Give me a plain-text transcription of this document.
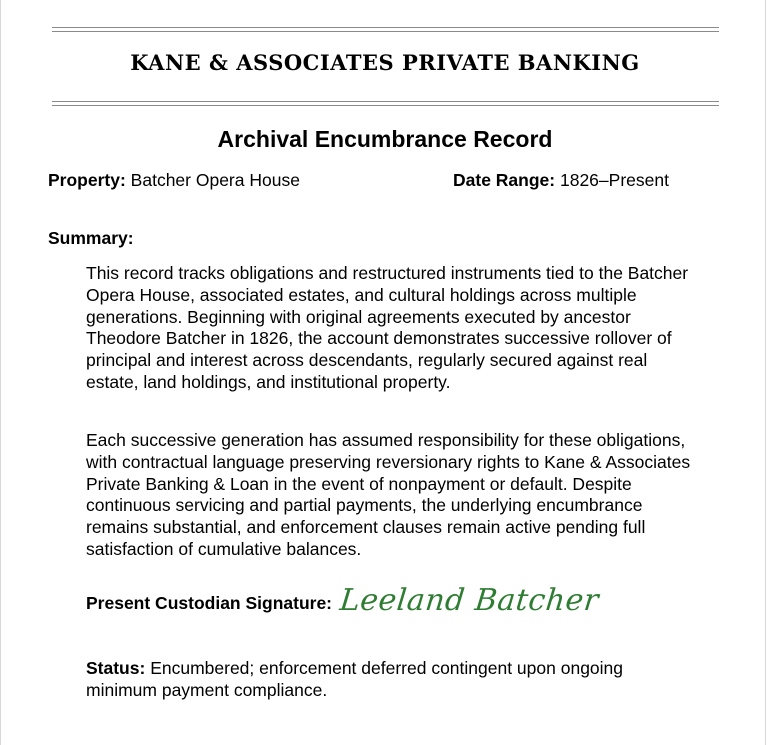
KANE & ASSOCIATES PRIVATE BANKING
Archival Encumbrance Record
Property: Batcher Opera House	Date Range: 1826–Present
Summary:

This record tracks obligations and restructured instruments tied to the Batcher Opera House, associated estates, and cultural holdings across multiple generations. Beginning with original agreements executed by ancestor Theodore Batcher in 1826, the account demonstrates successive rollover of principal and interest across descendants, regularly secured against real estate, land holdings, and institutional property.

Each successive generation has assumed responsibility for these obligations, with contractual language preserving reversionary rights to Kane & Associates Private Banking & Loan in the event of nonpayment or default. Despite continuous servicing and partial payments, the underlying encumbrance remains substantial, and enforcement clauses remain active pending full satisfaction of cumulative balances.

Present Custodian Signature: Leeland Batcher
Status: Encumbered; enforcement deferred contingent upon ongoing minimum payment compliance.
